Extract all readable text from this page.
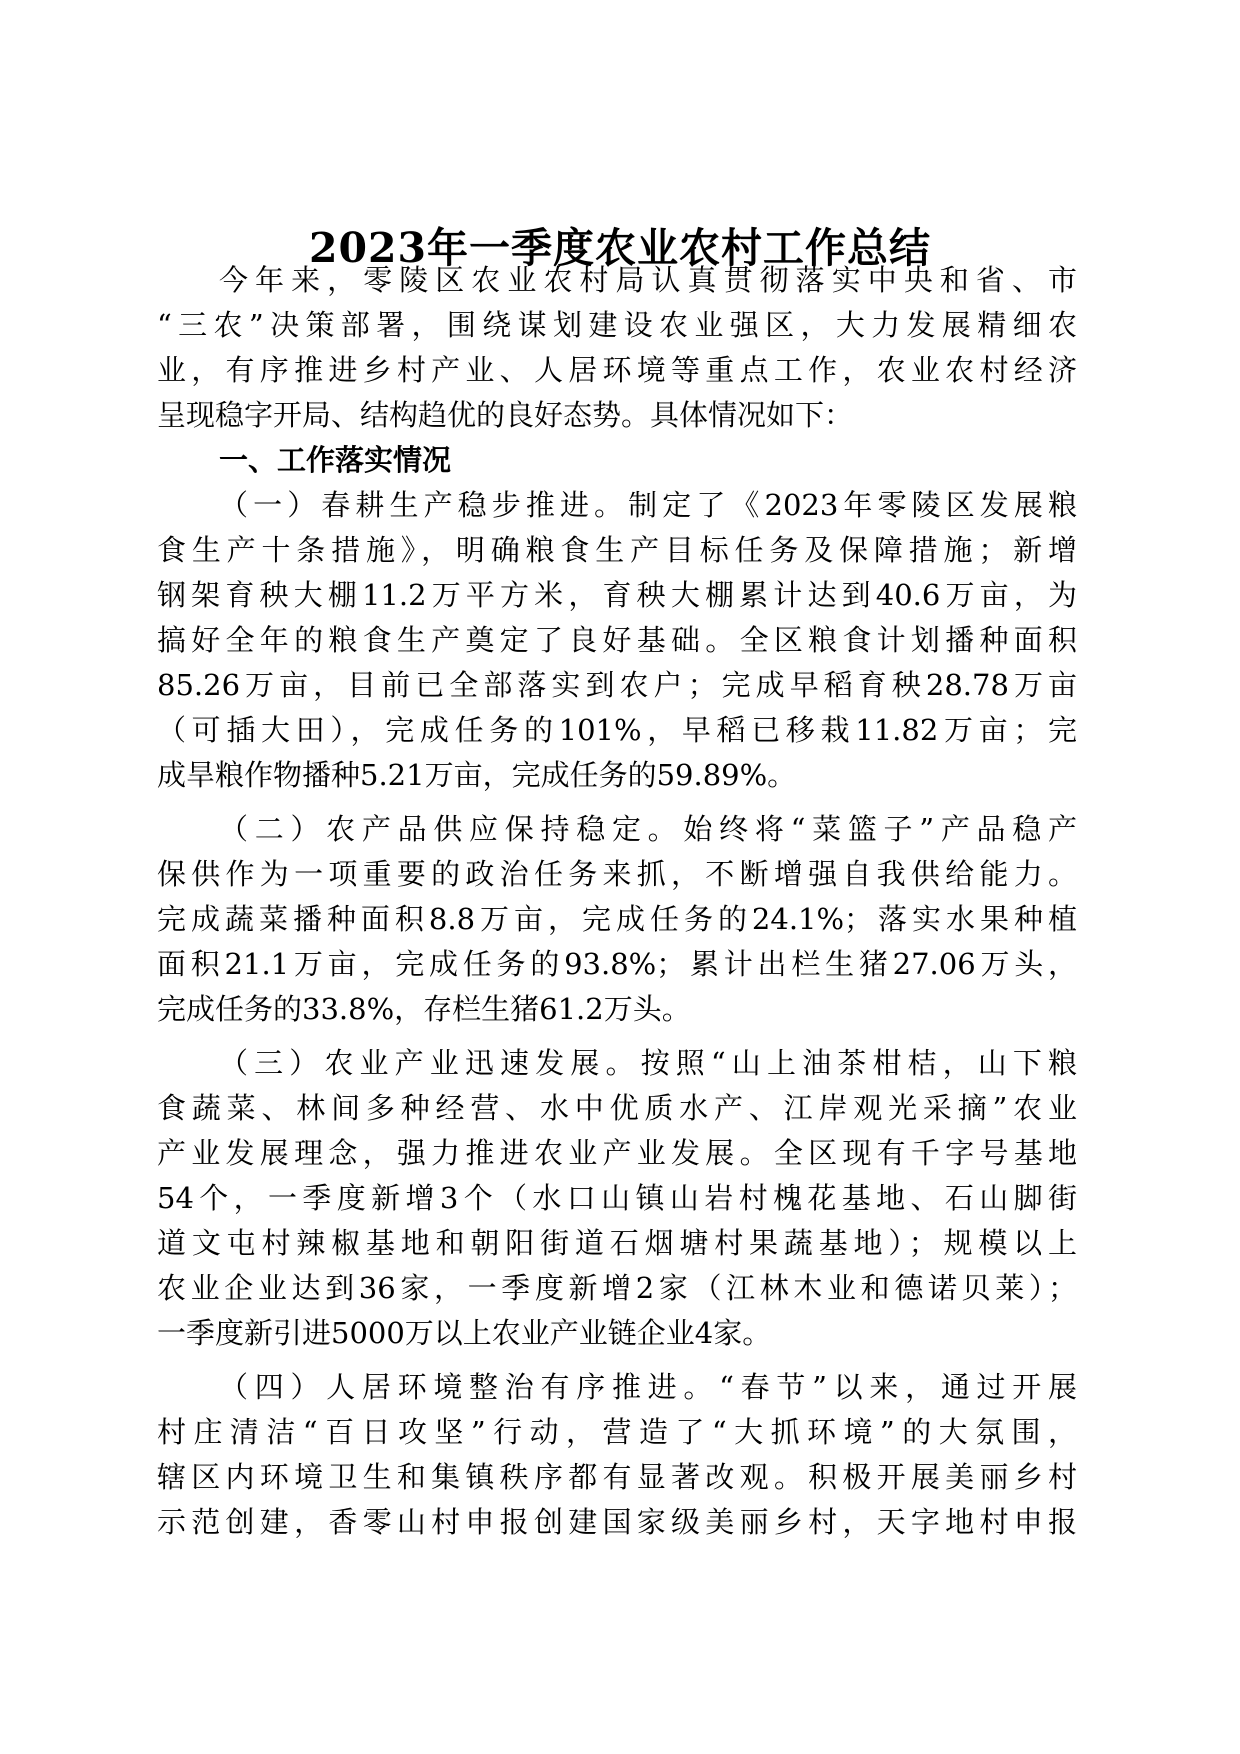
2023年一季度农业农村工作总结
今年来，零陵区农业农村局认真贯彻落实中央和省、市
“三农”决策部署，围绕谋划建设农业强区，大力发展精细农
业，有序推进乡村产业、人居环境等重点工作，农业农村经济
呈现稳字开局、结构趋优的良好态势。具体情况如下：
一、工作落实情况
（一）春耕生产稳步推进。制定了《2023年零陵区发展粮
食生产十条措施》，明确粮食生产目标任务及保障措施；新增
钢架育秧大棚11.2万平方米，育秧大棚累计达到40.6万亩，为
搞好全年的粮食生产奠定了良好基础。全区粮食计划播种面积
85.26万亩，目前已全部落实到农户；完成早稻育秧28.78万亩
（可插大田），完成任务的101%，早稻已移栽11.82万亩；完
成旱粮作物播种5.21万亩，完成任务的59.89%。
（二）农产品供应保持稳定。始终将“菜篮子”产品稳产
保供作为一项重要的政治任务来抓，不断增强自我供给能力。
完成蔬菜播种面积8.8万亩，完成任务的24.1%；落实水果种植
面积21.1万亩，完成任务的93.8%；累计出栏生猪27.06万头，
完成任务的33.8%，存栏生猪61.2万头。
（三）农业产业迅速发展。按照“山上油茶柑桔，山下粮
食蔬菜、林间多种经营、水中优质水产、江岸观光采摘”农业
产业发展理念，强力推进农业产业发展。全区现有千字号基地
54个，一季度新增3个（水口山镇山岩村槐花基地、石山脚街
道文屯村辣椒基地和朝阳街道石烟塘村果蔬基地）；规模以上
农业企业达到36家，一季度新增2家（江林木业和德诺贝莱）；
一季度新引进5000万以上农业产业链企业4家。
（四）人居环境整治有序推进。“春节”以来，通过开展
村庄清洁“百日攻坚”行动，营造了“大抓环境”的大氛围，
辖区内环境卫生和集镇秩序都有显著改观。积极开展美丽乡村
示范创建，香零山村申报创建国家级美丽乡村，天字地村申报
